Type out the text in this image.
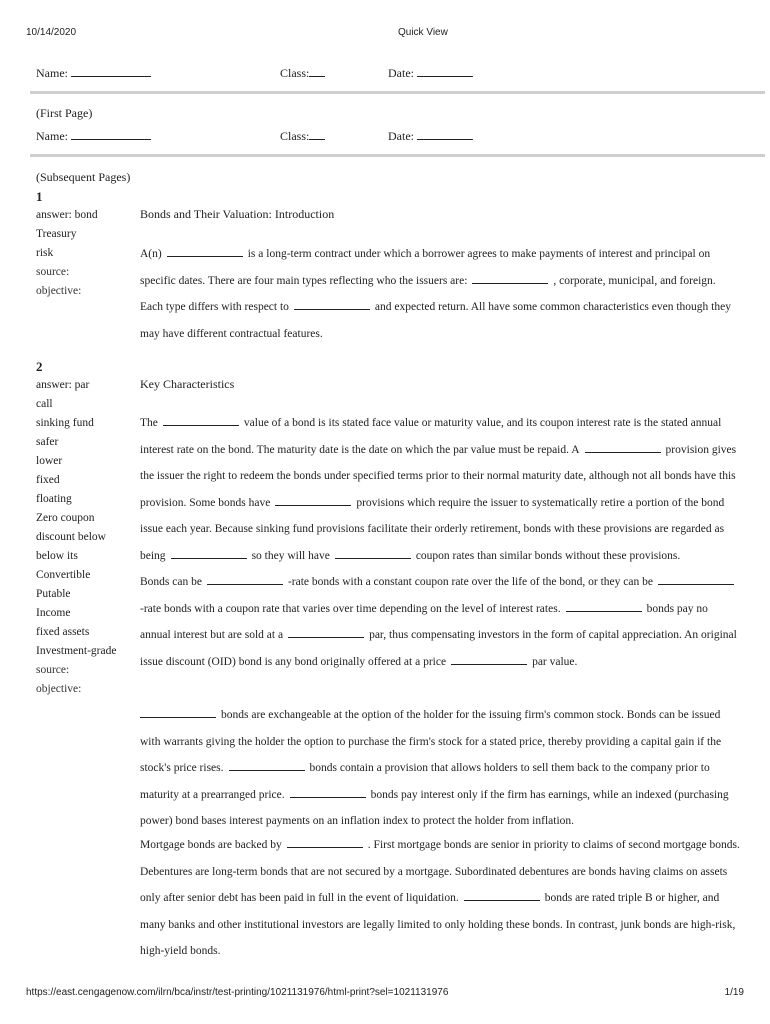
10/14/2020	Quick View
Name:	Class:	Date:
(First Page)
Name:	Class:	Date:
(Subsequent Pages)
1
answer: bond
Treasury
risk
source:
objective:
Bonds and Their Valuation: Introduction
A(n)	is a long-term contract under which a borrower agrees to make payments of interest and principal on specific dates. There are four main types reflecting who the issuers are:	, corporate, municipal, and foreign. Each type differs with respect to	and expected return. All have some common characteristics even though they may have different contractual features.
2
answer: par
call
sinking fund
safer
lower
fixed
floating
Zero coupon
discount below
below its
Convertible
Putable
Income
fixed assets
Investment-grade
source:
objective:
Key Characteristics
The	value of a bond is its stated face value or maturity value, and its coupon interest rate is the stated annual interest rate on the bond. The maturity date is the date on which the par value must be repaid. A	provision gives the issuer the right to redeem the bonds under specified terms prior to their normal maturity date, although not all bonds have this provision. Some bonds have	provisions which require the issuer to systematically retire a portion of the bond issue each year. Because sinking fund provisions facilitate their orderly retirement, bonds with these provisions are regarded as being	so they will have	coupon rates than similar bonds without these provisions.
Bonds can be	-rate bonds with a constant coupon rate over the life of the bond, or they can be-rate bonds with a coupon rate that varies over time depending on the level of interest rates.	bonds pay no annual interest but are sold at a	par, thus compensating investors in the form of capital appreciation. An original issue discount (OID) bond is any bond originally offered at a price	par value.
bonds are exchangeable at the option of the holder for the issuing firm's common stock. Bonds can be issued with warrants giving the holder the option to purchase the firm's stock for a stated price, thereby providing a capital gain if the stock's price rises.	bonds contain a provision that allows holders to sell them back to the company prior to maturity at a prearranged price.	bonds pay interest only if the firm has earnings, while an indexed (purchasing power) bond bases interest payments on an inflation index to protect the holder from inflation.
Mortgage bonds are backed by	. First mortgage bonds are senior in priority to claims of second mortgage bonds. Debentures are long-term bonds that are not secured by a mortgage. Subordinated debentures are bonds having claims on assets only after senior debt has been paid in full in the event of liquidation.	bonds are rated triple B or higher, and many banks and other institutional investors are legally limited to only holding these bonds. In contrast, junk bonds are high-risk, high-yield bonds.
https://east.cengagenow.com/ilrn/bca/instr/test-printing/1021131976/html-print?sel=1021131976	1/19
